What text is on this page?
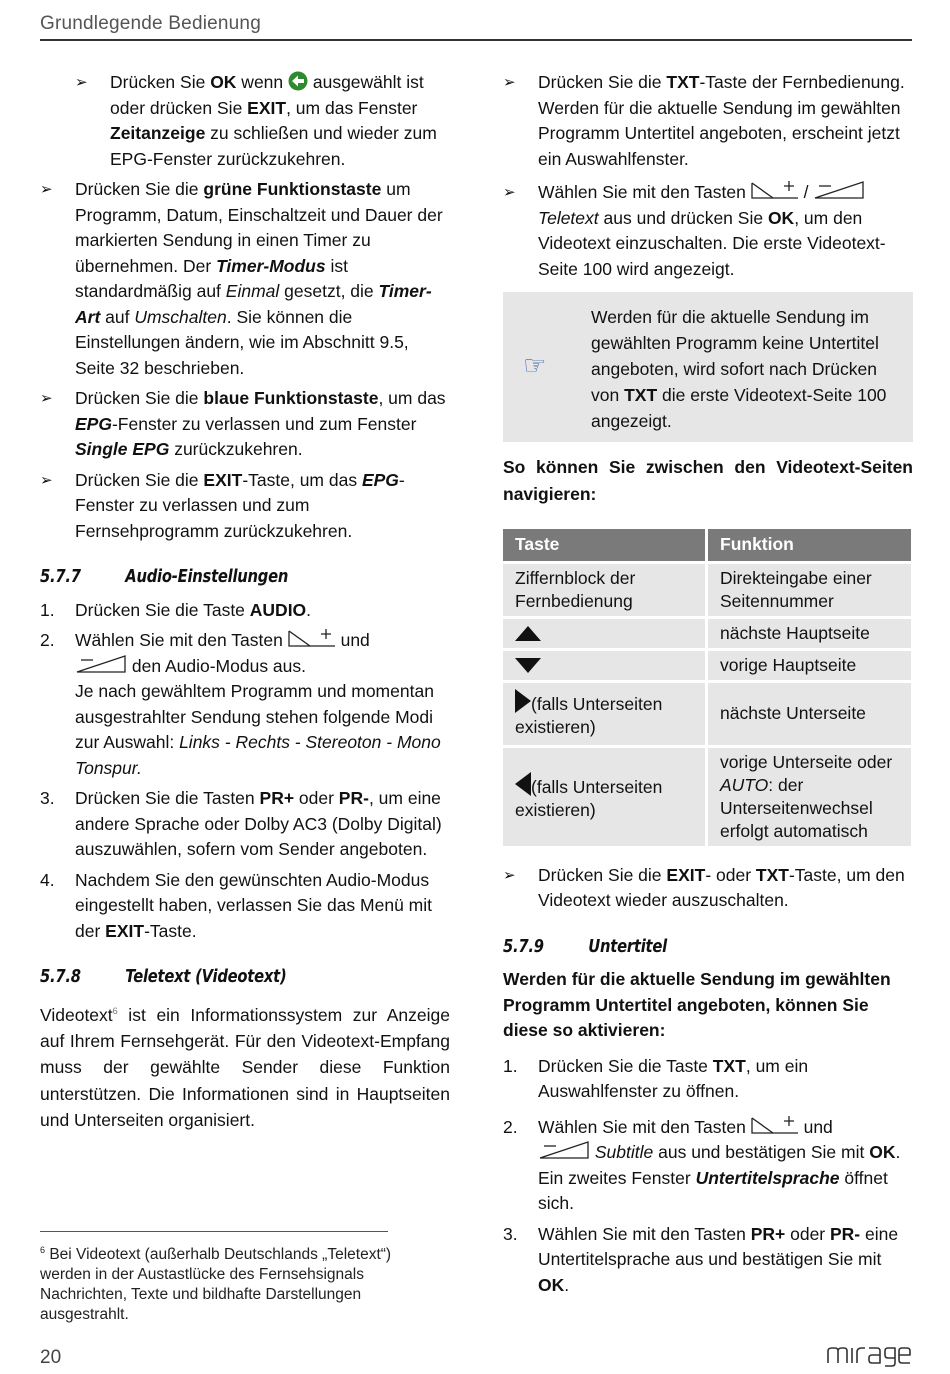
Grundlegende Bedienung
➢ Drücken Sie OK wenn  ausgewählt ist oder drücken Sie EXIT, um das Fenster Zeitanzeige zu schließen und wieder zum EPG-Fenster zurückzukehren.
➢ Drücken Sie die grüne Funktionstaste um Programm, Datum, Einschaltzeit und Dauer der markierten Sendung in einen Timer zu übernehmen. Der Timer-Modus ist standardmäßig auf Einmal gesetzt, die Timer-Art auf Umschalten. Sie können die Einstellungen ändern, wie im Abschnitt 9.5, Seite 32 beschrieben.
➢ Drücken Sie die blaue Funktionstaste, um das EPG-Fenster zu verlassen und zum Fenster Single EPG zurückzukehren.
➢ Drücken Sie die EXIT-Taste, um das EPG-Fenster zu verlassen und zum Fernsehprogramm zurückzukehren.
5.7.7 Audio-Einstellungen
1. Drücken Sie die Taste AUDIO.
2. Wählen Sie mit den Tasten	und
den Audio-Modus aus.
Je nach gewähltem Programm und momentan ausgestrahlter Sendung stehen folgende Modi zur Auswahl: Links - Rechts - Stereoton - Mono Tonspur.
3. Drücken Sie die Tasten PR+ oder PR-, um eine andere Sprache oder Dolby AC3 (Dolby Digital) auszuwählen, sofern vom Sender angeboten.
4. Nachdem Sie den gewünschten Audio-Modus eingestellt haben, verlassen Sie das Menü mit der EXIT-Taste.
5.7.8 Teletext (Videotext)

Videotext$^6$ ist ein Informationssystem zur Anzeige auf Ihrem Fernsehgerät. Für den Videotext-Empfang muss der gewählte Sender diese Funktion unterstützen. Die Informationen sind in Hauptseiten und Unterseiten organisiert.

$^6$ Bei Videotext (außerhalb Deutschlands „Teletext“) werden in der Austastlücke des Fernsehsignals Nachrichten, Texte und bildhafte Darstellungen ausgestrahlt.
➢ Drücken Sie die TXT-Taste der Fernbedienung.
Werden für die aktuelle Sendung im gewählten Programm Untertitel angeboten, erscheint jetzt ein Auswahlfenster.
➢ Wählen Sie mit den Tasten	/
Teletext aus und drücken Sie OK, um den Videotext einzuschalten. Die erste Videotext-Seite 100 wird angezeigt.
☞
Werden für die aktuelle Sendung im gewählten Programm keine Untertitel angeboten, wird sofort nach Drücken von TXT die erste Videotext-Seite 100 angezeigt.
So können Sie zwischen den Videotext-Seiten navigieren:
Taste	Funktion
Ziffernblock der Fernbedienung	Direkteingabe einer Seitennummer
	nächste Hauptseite
	vorige Hauptseite
(falls Unterseiten existieren)	nächste Unterseite
(falls Unterseiten existieren)	vorige Unterseite oder AUTO: der Unterseitenwechsel erfolgt automatisch
➢ Drücken Sie die EXIT- oder TXT-Taste, um den Videotext wieder auszuschalten.
5.7.9 Untertitel
Werden für die aktuelle Sendung im gewählten Programm Untertitel angeboten, können Sie diese so aktivieren:
1. Drücken Sie die Taste TXT, um ein Auswahlfenster zu öffnen.
2. Wählen Sie mit den Tasten	und
Subtitle aus und bestätigen Sie mit OK. Ein zweites Fenster Untertitelsprache öffnet sich.
3. Wählen Sie mit den Tasten PR+ oder PR- eine Untertitelsprache aus und bestätigen Sie mit OK.
20
